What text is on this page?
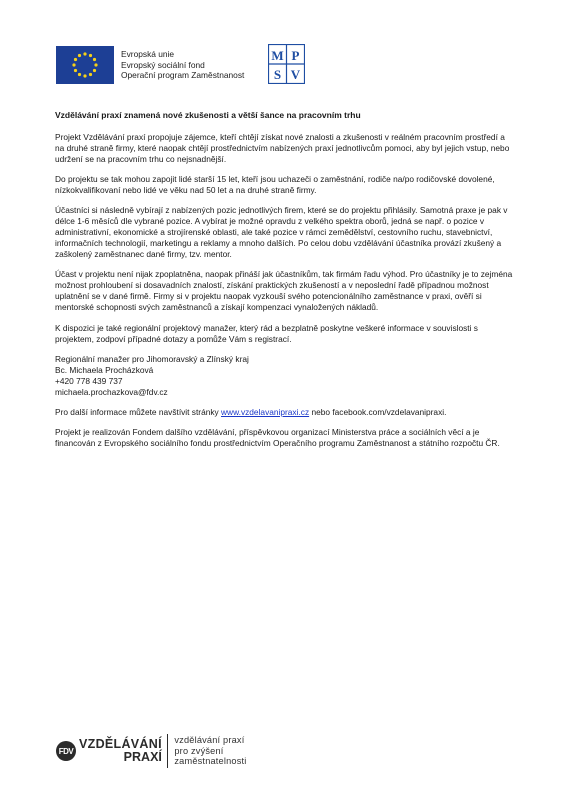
Evropská unie
Evropský sociální fond
Operační program Zaměstnanost
M P
S V
Vzdělávání praxí znamená nové zkušenosti a větší šance na pracovním trhu

Projekt Vzdělávání praxí propojuje zájemce, kteří chtějí získat nové znalosti a zkušenosti v reálném pracovním prostředí a na druhé straně firmy, které naopak chtějí prostřednictvím nabízených praxí jednotlivcům pomoci, aby byl jejich vstup, nebo udržení se na pracovním trhu co nejsnadnější.

Do projektu se tak mohou zapojit lidé starší 15 let, kteří jsou uchazeči o zaměstnání, rodiče na/po rodičovské dovolené, nízkokvalifikovaní nebo lidé ve věku nad 50 let a na druhé straně firmy.

Účastníci si následně vybírají z nabízených pozic jednotlivých firem, které se do projektu přihlásily. Samotná praxe je pak v délce 1-6 měsíců dle vybrané pozice. A vybírat je možné opravdu z velkého spektra oborů, jedná se např. o pozice v administrativní, ekonomické a strojírenské oblasti, ale také pozice v rámci zemědělství, cestovního ruchu, stavebnictví, informačních technologií, marketingu a reklamy a mnoho dalších. Po celou dobu vzdělávání účastníka provází zkušený a zaškolený zaměstnanec dané firmy, tzv. mentor.

Účast v projektu není nijak zpoplatněna, naopak přináší jak účastníkům, tak firmám řadu výhod. Pro účastníky je to zejména možnost prohloubení si dosavadních znalostí, získání praktických zkušeností a v neposlední řadě případnou možnost uplatnění se v dané firmě. Firmy si v projektu naopak vyzkouší svého potencionálního zaměstnance v praxi, ověří si mentorské schopnosti svých zaměstnanců a získají kompenzaci vynaložených nákladů.

K dispozici je také regionální projektový manažer, který rád a bezplatně poskytne veškeré informace v souvislosti s projektem, zodpoví případné dotazy a pomůže Vám s registrací.

Regionální manažer pro Jihomoravský a Zlínský kraj
Bc. Michaela Procházková
+420 778 439 737
michaela.prochazkova@fdv.cz

Pro další informace můžete navštívit stránky www.vzdelavanipraxi.cz nebo facebook.com/vzdelavanipraxi.

Projekt je realizován Fondem dalšího vzdělávání, příspěvkovou organizací Ministerstva práce a sociálních věcí a je financován z Evropského sociálního fondu prostřednictvím Operačního programu Zaměstnanost a státního rozpočtu ČR.

FDV VZDĚLÁVÁNÍ
PRAXÍ
vzdělávání praxí
pro zvýšení
zaměstnatelnosti
